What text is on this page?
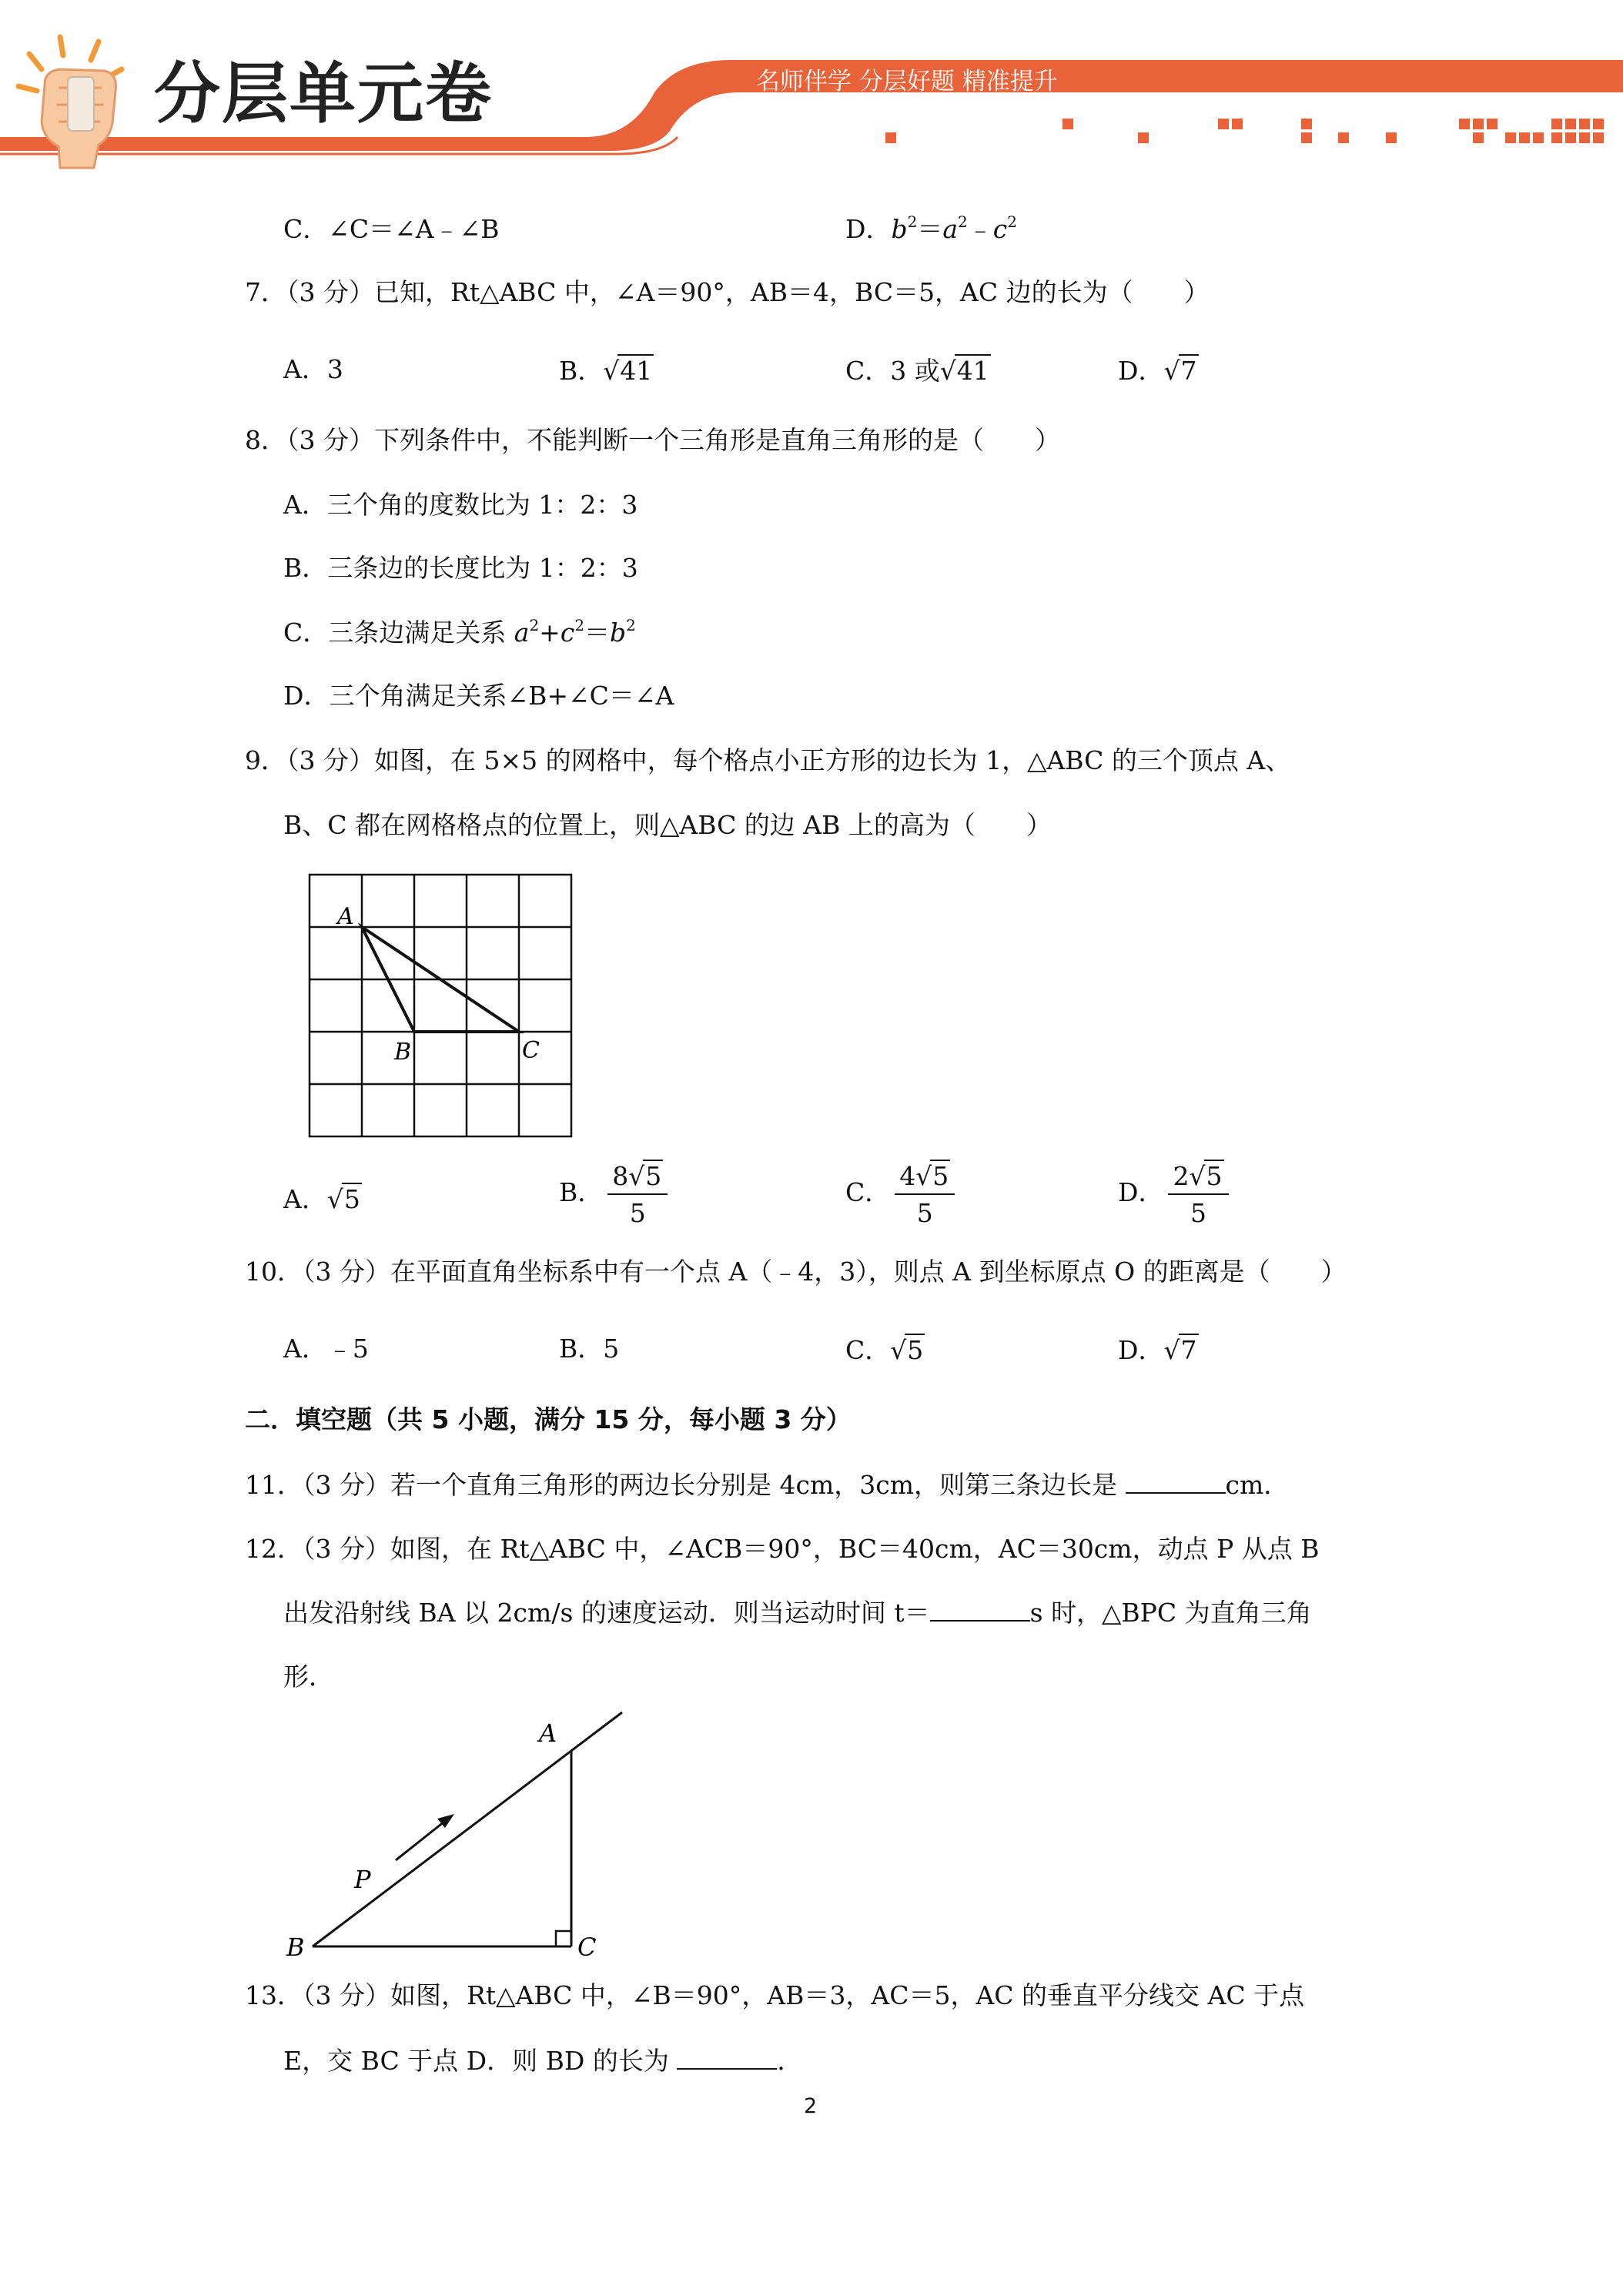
分层单元卷	名师伴学 分层好题 精准提升
C．∠C＝∠A﹣∠B	D．$b^2=a^2﹣c^2$
7．（3 分）已知，Rt△ABC 中，∠A＝90°，AB＝4，BC＝5，AC 边的长为（　　）
A．3	B．√41	C．3 或√41	D．√7
8．（3 分）下列条件中，不能判断一个三角形是直角三角形的是（　　）
A．三个角的度数比为 1：2：3
B．三条边的长度比为 1：2：3
C．三条边满足关系 $a^2+c^2=b^2$
D．三个角满足关系∠B+∠C＝∠A
9．（3 分）如图，在 5×5 的网格中，每个格点小正方形的边长为 1，△ABC 的三个顶点 A、
B、C 都在网格格点的位置上，则△ABC 的边 AB 上的高为（　　）
A
B	C
A．√5	B． $\frac{8√5}{5}$	C． $\frac{4√5}{5}$	D． $\frac{2√5}{5}$
10．（3 分）在平面直角坐标系中有一个点 A（﹣4，3），则点 A 到坐标原点 O 的距离是（　　）
A．﹣5	B．5	C．√5	D．√7
二．填空题（共 5 小题，满分 15 分，每小题 3 分）
11．（3 分）若一个直角三角形的两边长分别是 4cm，3cm，则第三条边长是	cm．
12．（3 分）如图，在 Rt△ABC 中，∠ACB＝90°，BC＝40cm，AC＝30cm，动点 P 从点 B
出发沿射线 BA 以 2cm/s 的速度运动．则当运动时间 t＝	s 时，△BPC 为直角三角
形．
A
B	C
P
13．（3 分）如图，Rt△ABC 中，∠B＝90°，AB＝3，AC＝5，AC 的垂直平分线交 AC 于点
E，交 BC 于点 D．则 BD 的长为	．
2
